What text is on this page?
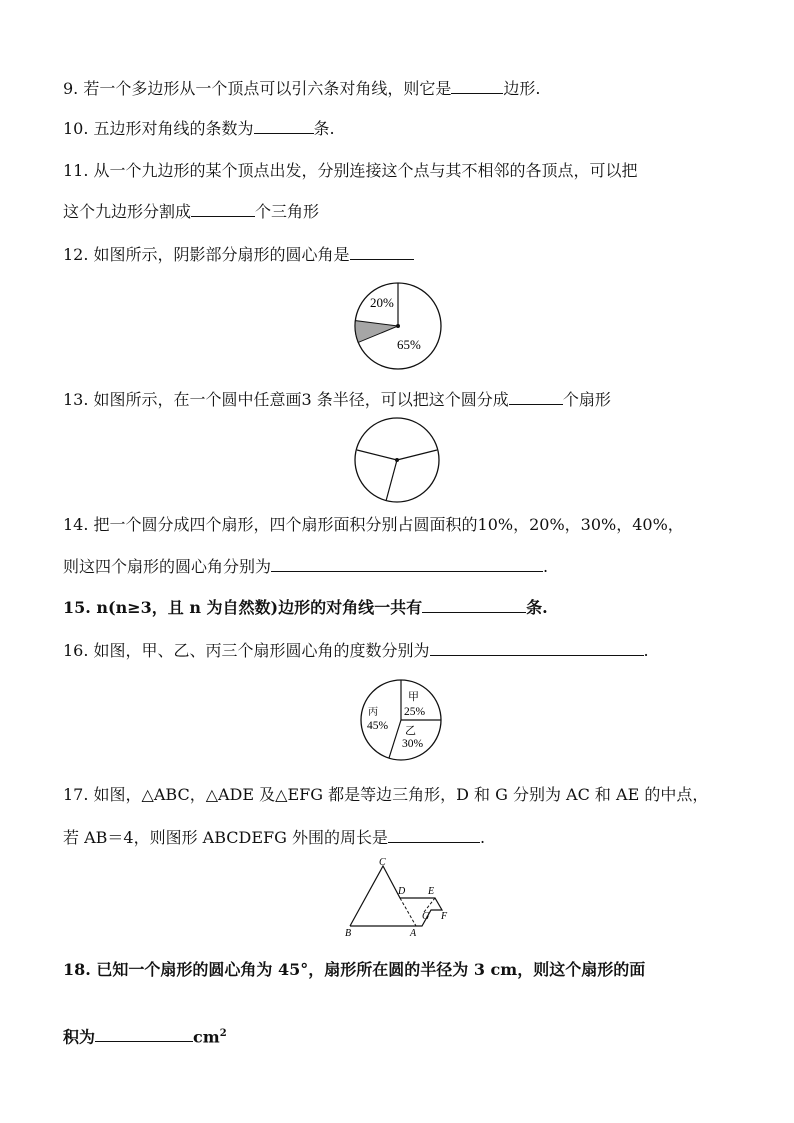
9. 若一个多边形从一个顶点可以引六条对角线，则它是	边形.
10. 五边形对角线的条数为	条.
11. 从一个九边形的某个顶点出发，分别连接这个点与其不相邻的各顶点，可以把
这个九边形分割成	个三角形
12. 如图所示，阴影部分扇形的圆心角是
20%
65%
13. 如图所示，在一个圆中任意画3 条半径，可以把这个圆分成	个扇形
14. 把一个圆分成四个扇形，四个扇形面积分别占圆面积的10%，20%，30%，40%，
则这四个扇形的圆心角分别为	.
15. n(n≥3，且 n 为自然数)边形的对角线一共有	条.
16. 如图，甲、乙、丙三个扇形圆心角的度数分别为	.
甲
25%
乙
30%
丙
45%
17. 如图，△ABC，△ADE 及△EFG 都是等边三角形，D 和 G 分别为 AC 和 AE 的中点，
若 AB＝4，则图形 ABCDEFG 外围的周长是	.
C
B	A
D E
F
G
18. 已知一个扇形的圆心角为 45°，扇形所在圆的半径为 3 cm，则这个扇形的面
积为	$cm^2$
